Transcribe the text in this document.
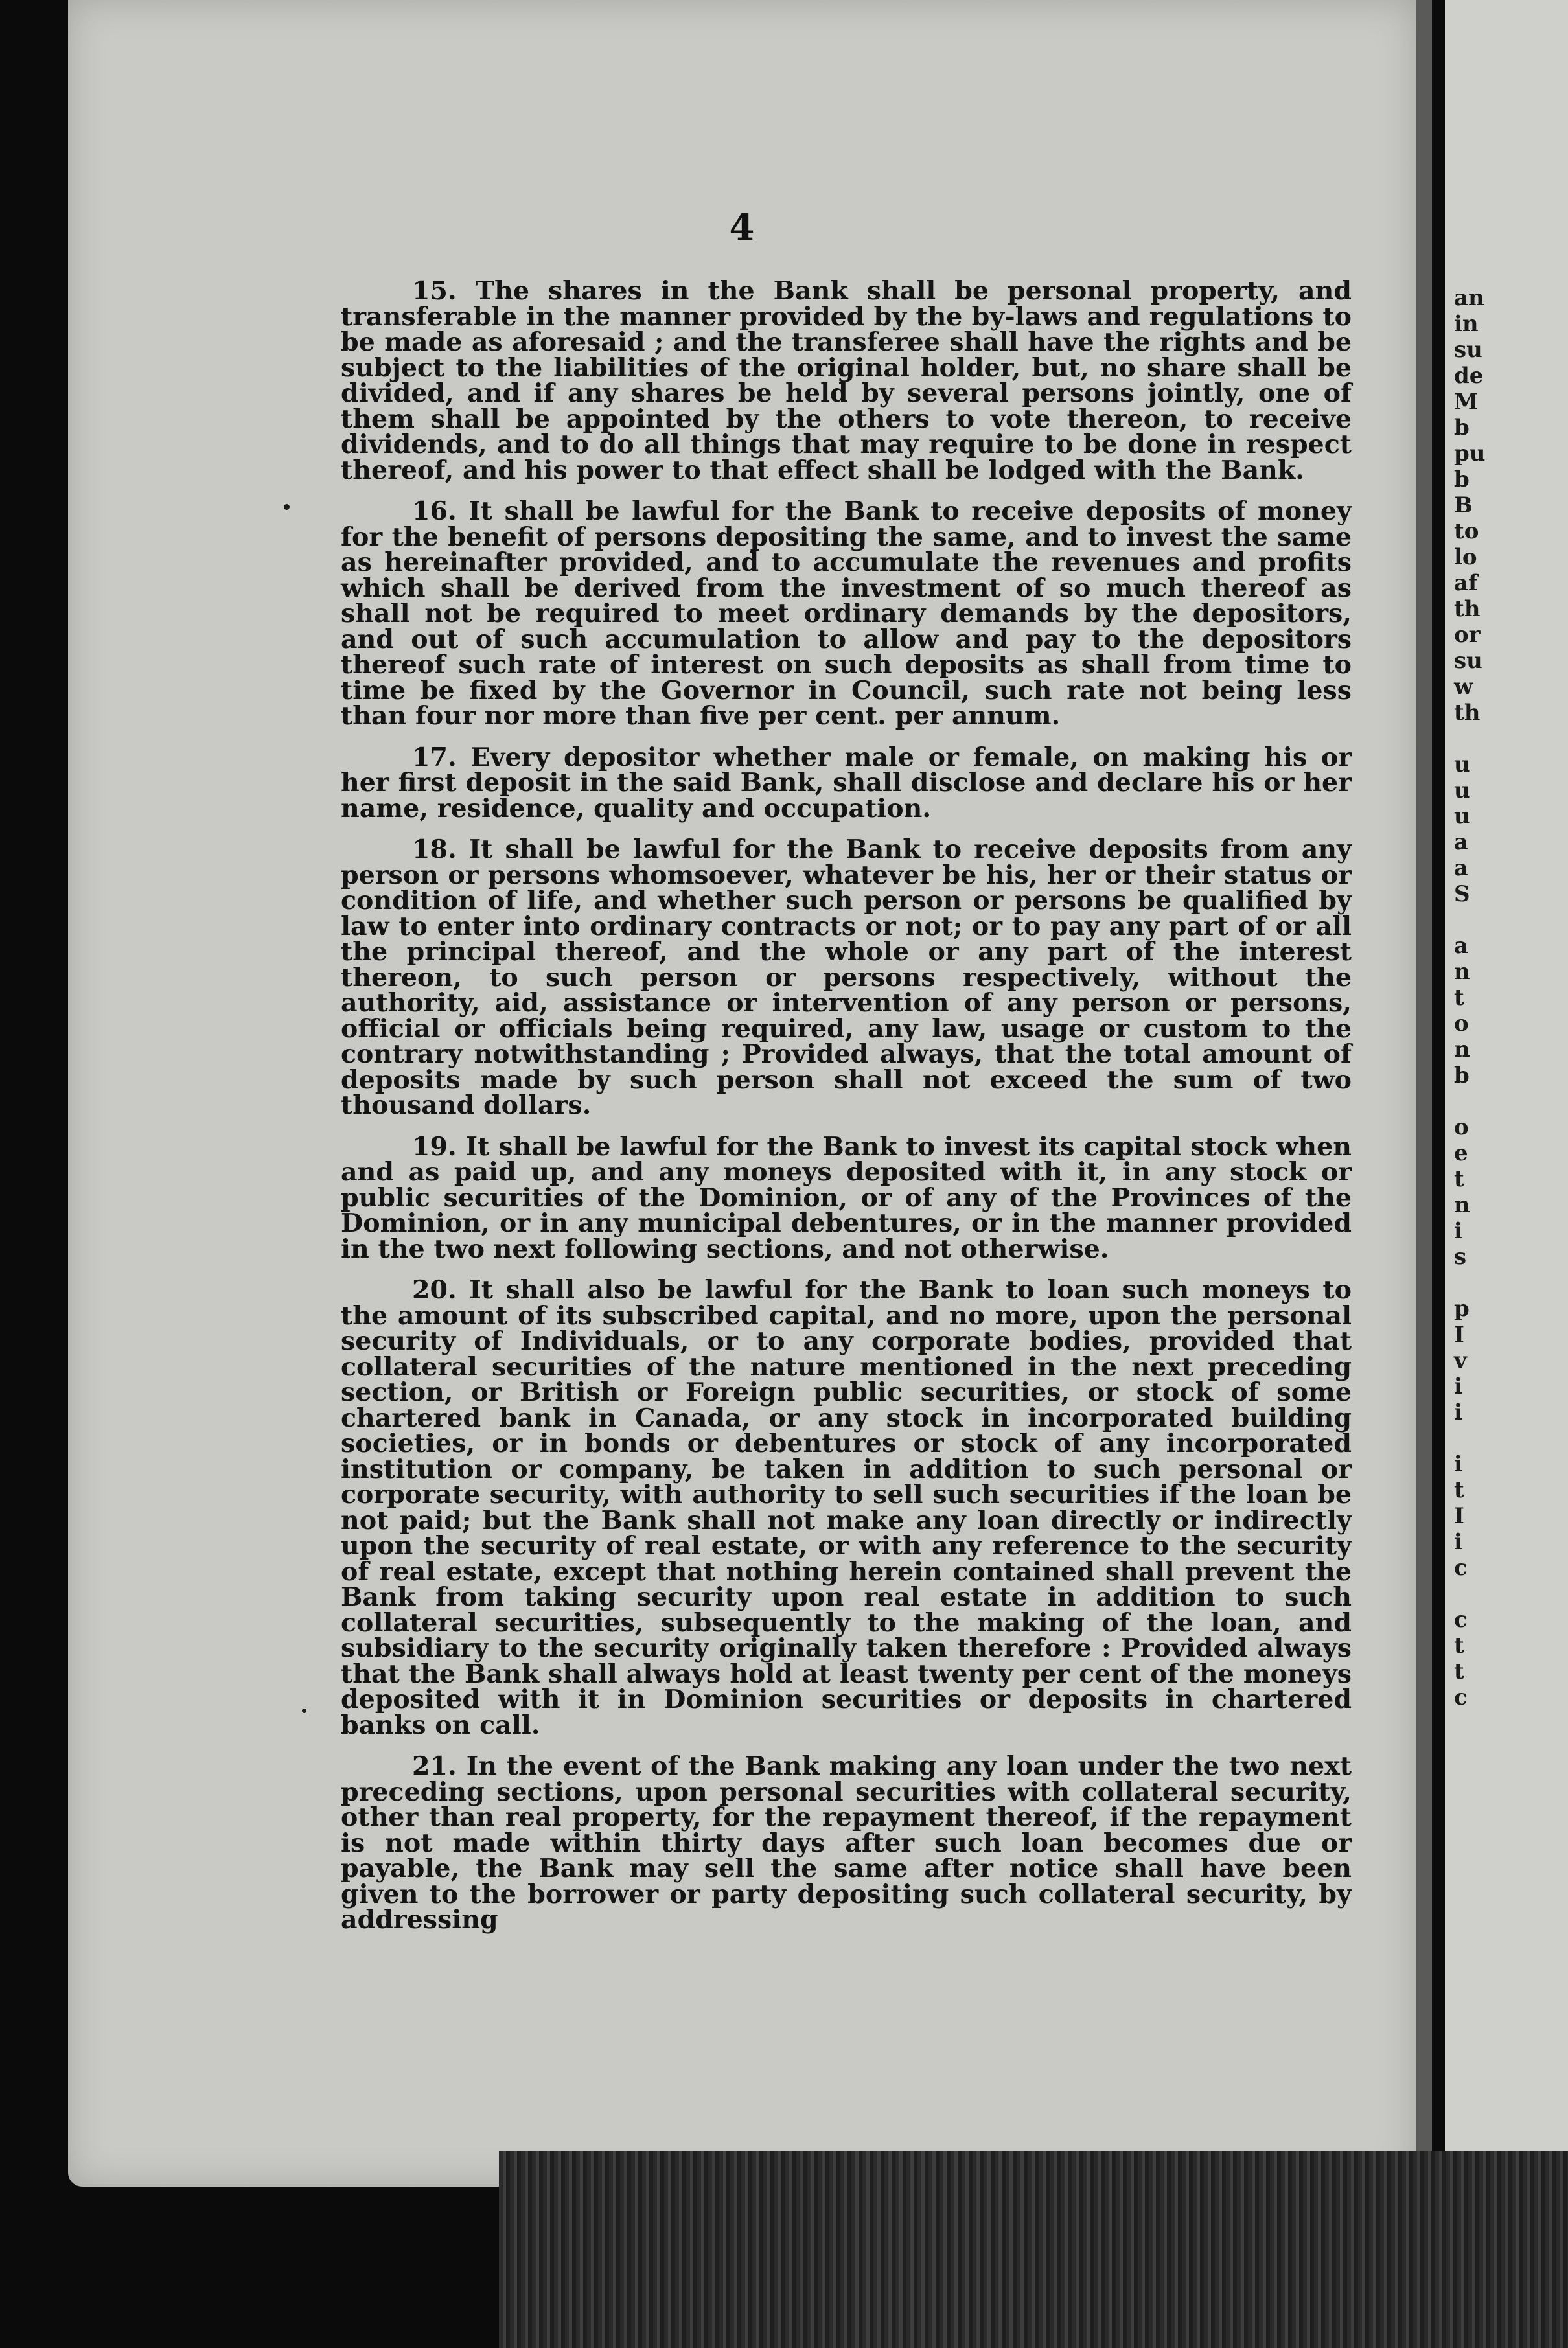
4

15. The shares in the Bank shall be personal property, and transferable in the manner provided by the by-laws and regulations to be made as aforesaid ; and the transferee shall have the rights and be subject to the liabilities of the original holder, but, no share shall be divided, and if any shares be held by several persons jointly, one of them shall be appointed by the others to vote thereon, to receive dividends, and to do all things that may require to be done in respect thereof, and his power to that effect shall be lodged with the Bank.

16. It shall be lawful for the Bank to receive deposits of money for the benefit of persons depositing the same, and to invest the same as hereinafter provided, and to accumulate the revenues and profits which shall be derived from the investment of so much thereof as shall not be required to meet ordinary demands by the depositors, and out of such accumulation to allow and pay to the depositors thereof such rate of interest on such deposits as shall from time to time be fixed by the Governor in Council, such rate not being less than four nor more than five per cent. per annum.

17. Every depositor whether male or female, on making his or her first deposit in the said Bank, shall disclose and declare his or her name, residence, quality and occupation.

18. It shall be lawful for the Bank to receive deposits from any person or persons whomsoever, whatever be his, her or their status or condition of life, and whether such person or persons be qualified by law to enter into ordinary contracts or not; or to pay any part of or all the principal thereof, and the whole or any part of the interest thereon, to such person or persons respectively, without the authority, aid, assistance or intervention of any person or persons, official or officials being required, any law, usage or custom to the contrary notwithstanding ; Provided always, that the total amount of deposits made by such person shall not exceed the sum of two thousand dollars.

19. It shall be lawful for the Bank to invest its capital stock when and as paid up, and any moneys deposited with it, in any stock or public securities of the Dominion, or of any of the Provinces of the Dominion, or in any municipal debentures, or in the manner provided in the two next following sections, and not otherwise.

20. It shall also be lawful for the Bank to loan such moneys to the amount of its subscribed capital, and no more, upon the personal security of Individuals, or to any corporate bodies, provided that collateral securities of the nature mentioned in the next preceding section, or British or Foreign public securities, or stock of some chartered bank in Canada, or any stock in incorporated building societies, or in bonds or debentures or stock of any incorporated institution or company, be taken in addition to such personal or corporate security, with authority to sell such securities if the loan be not paid; but the Bank shall not make any loan directly or indirectly upon the security of real estate, or with any reference to the security of real estate, except that nothing herein contained shall prevent the Bank from taking security upon real estate in addition to such collateral securities, subsequently to the making of the loan, and subsidiary to the security originally taken therefore : Provided always that the Bank shall always hold at least twenty per cent of the moneys deposited with it in Dominion securities or deposits in chartered banks on call.

21. In the event of the Bank making any loan under the two next preceding sections, upon personal securities with collateral security, other than real property, for the repayment thereof, if the repayment is not made within thirty days after such loan becomes due or payable, the Bank may sell the same after notice shall have been given to the borrower or party depositing such collateral security, by addressing

an
in
su
de
M
b
pu
b
B
to
lo
af
th
or
su
w
th
u
u
u
a
a
S
a
n
t
o
n
b
o
e
t
n
i
s
p
I
v
i
i
i
t
I
i
c
c
t
t
c
